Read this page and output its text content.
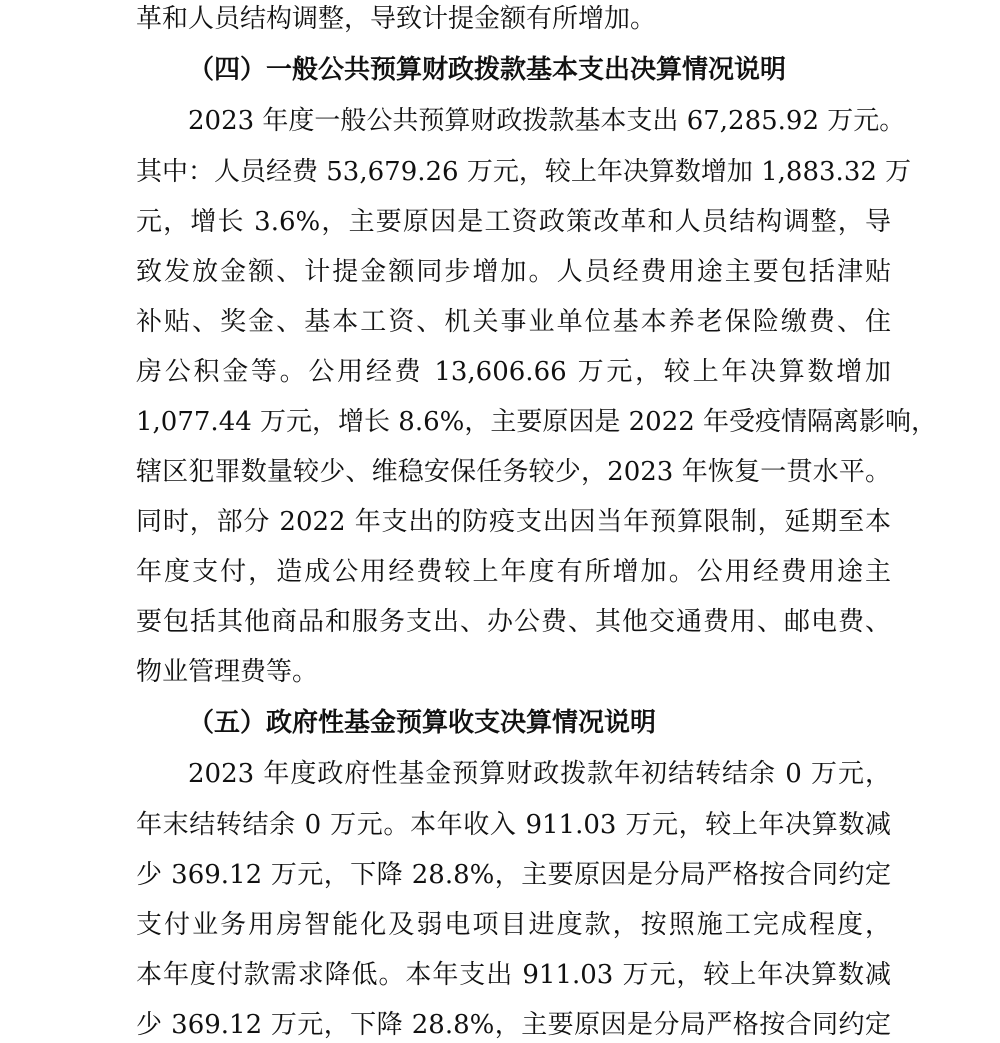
革和人员结构调整，导致计提金额有所增加。
（四）一般公共预算财政拨款基本支出决算情况说明
2023 年度一般公共预算财政拨款基本支出 67,285.92 万元。
其中：人员经费 53,679.26 万元，较上年决算数增加 1,883.32 万
元，增长 3.6%，主要原因是工资政策改革和人员结构调整，导
致发放金额、计提金额同步增加。人员经费用途主要包括津贴
补贴、奖金、基本工资、机关事业单位基本养老保险缴费、住
房公积金等。公用经费 13,606.66 万元，较上年决算数增加
1,077.44 万元，增长 8.6%，主要原因是 2022 年受疫情隔离影响，
辖区犯罪数量较少、维稳安保任务较少，2023 年恢复一贯水平。
同时，部分 2022 年支出的防疫支出因当年预算限制，延期至本
年度支付，造成公用经费较上年度有所增加。公用经费用途主
要包括其他商品和服务支出、办公费、其他交通费用、邮电费、
物业管理费等。
（五）政府性基金预算收支决算情况说明
2023 年度政府性基金预算财政拨款年初结转结余 0 万元，
年末结转结余 0 万元。本年收入 911.03 万元，较上年决算数减
少 369.12 万元，下降 28.8%，主要原因是分局严格按合同约定
支付业务用房智能化及弱电项目进度款，按照施工完成程度，
本年度付款需求降低。本年支出 911.03 万元，较上年决算数减
少 369.12 万元，下降 28.8%，主要原因是分局严格按合同约定
